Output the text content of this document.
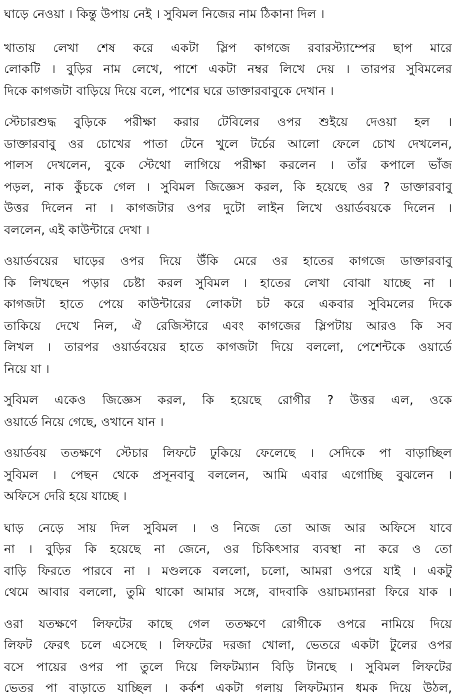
ঘাড়ে নেওয়া । কিন্তু উপায় নেই । সুবিমল নিজের নাম ঠিকানা দিল ।
খাতায় লেখা শেষ করে একটা স্লিপ কাগজে রবারস্ট্যাম্পের ছাপ মারে
লোকটি । বুড়ির নাম লেখে, পাশে একটা নম্বর লিখে দেয় । তারপর সুবিমলের
দিকে কাগজটা বাড়িয়ে দিয়ে বলে, পাশের ঘরে ডাক্তারবাবুকে দেখান ।
স্টেচারশুদ্ধ বুড়িকে পরীক্ষা করার টেবিলের ওপর শুইয়ে দেওয়া হল ।
ডাক্তারবাবু ওর চোখের পাতা টেনে খুলে টর্চের আলো ফেলে চোখ দেখলেন,
পালস দেখলেন, বুকে স্টেথো লাগিয়ে পরীক্ষা করলেন । তাঁর কপালে ভাঁজ
পড়ল, নাক কুঁচকে গেল । সুবিমল জিজ্ঞেস করল, কি হয়েছে ওর ? ডাক্তারবাবু
উত্তর দিলেন না । কাগজটার ওপর দুটো লাইন লিখে ওয়ার্ডবয়কে দিলেন ।
বললেন, এই কাউন্টারে দেখা ।
ওয়ার্ডবয়ের ঘাড়ের ওপর দিয়ে উঁকি মেরে ওর হাতের কাগজে ডাক্তারবাবু
কি লিখছেন পড়ার চেষ্টা করল সুবিমল । হাতের লেখা বোঝা যাচ্ছে না ।
কাগজটা হাতে পেয়ে কাউন্টারের লোকটা চট করে একবার সুবিমলের দিকে
তাকিয়ে দেখে নিল, ঐ রেজিস্টারে এবং কাগজের স্লিপটায় আরও কি সব
লিখল । তারপর ওয়ার্ডবয়ের হাতে কাগজটা দিয়ে বললো, পেশেন্টকে ওয়ার্ডে
নিয়ে যা ।
সুবিমল একেও জিজ্ঞেস করল, কি হয়েছে রোগীর ? উত্তর এল, ওকে
ওয়ার্ডে নিয়ে গেছে, ওখানে যান ।
ওয়ার্ডবয় ততক্ষণে স্টেচার লিফটে ঢুকিয়ে ফেলেছে । সেদিকে পা বাড়াচ্ছিল
সুবিমল । পেছন থেকে প্রসূনবাবু বললেন, আমি এবার এগোচ্ছি বুঝলেন ।
অফিসে দেরি হয়ে যাচ্ছে ।
ঘাড় নেড়ে সায় দিল সুবিমল । ও নিজে তো আজ আর অফিসে যাবে
না । বুড়ির কি হয়েছে না জেনে, ওর চিকিৎসার ব্যবস্থা না করে ও তো
বাড়ি ফিরতে পারবে না । মণ্ডলকে বললো, চলো, আমরা ওপরে যাই । একটু
থেমে আবার বললো, তুমি থাকো আমার সঙ্গে, বাদবাকি ওয়াচম্যানরা ফিরে যাক ।
ওরা যতক্ষণে লিফটের কাছে গেল ততক্ষণে রোগীকে ওপরে নামিয়ে দিয়ে
লিফট ফেরৎ চলে এসেছে । লিফটের দরজা খোলা, ভেতরে একটা টুলের ওপর
বসে পায়ের ওপর পা তুলে দিয়ে লিফটম্যান বিড়ি টানছে । সুবিমল লিফটের
ভেতর পা বাড়াতে যাচ্ছিল । কর্কশ একটা গলায় লিফটম্যান ধমক দিয়ে উঠল,
